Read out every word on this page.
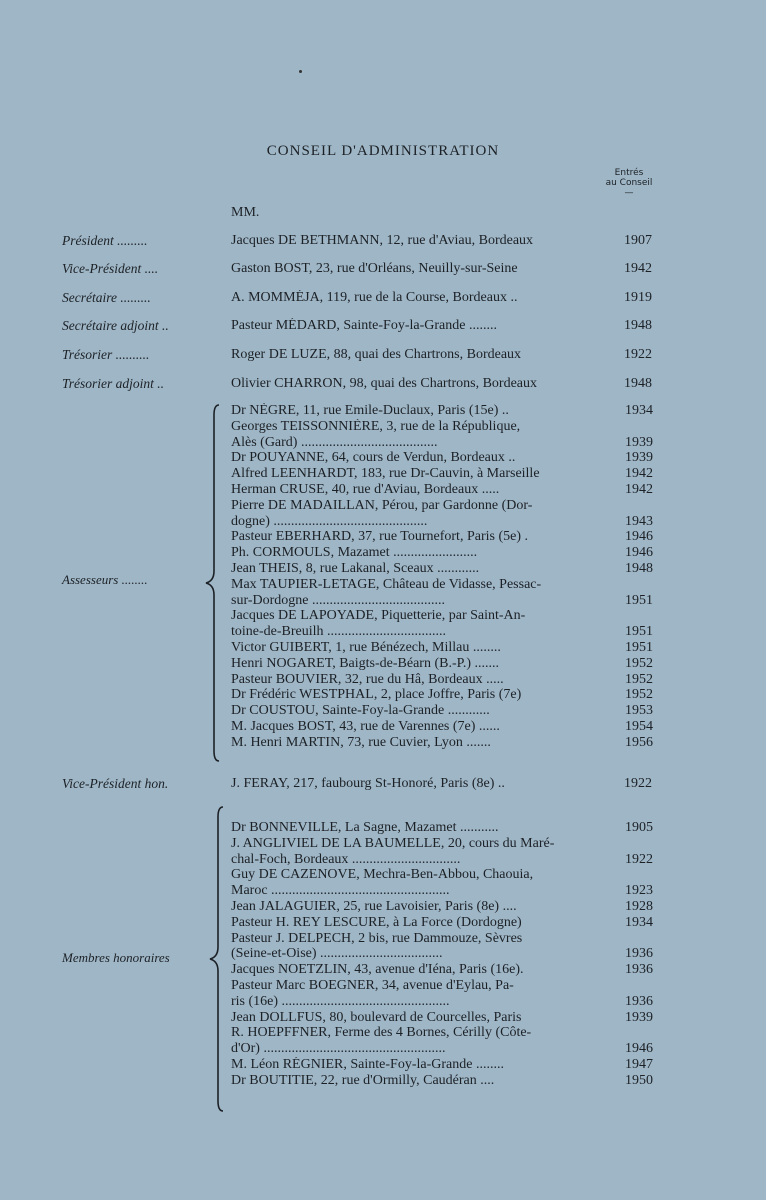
CONSEIL D'ADMINISTRATION
Entrés
au Conseil
—
MM.
Président .........	Jacques DE BETHMANN, 12, rue d'Aviau, Bordeaux	1907
Vice-Président ....	Gaston BOST, 23, rue d'Orléans, Neuilly-sur-Seine	1942
Secrétaire .........	A. MOMMÉJA, 119, rue de la Course, Bordeaux ..	1919
Secrétaire adjoint ..	Pasteur MÉDARD, Sainte-Foy-la-Grande ........	1948
Trésorier ..........	Roger DE LUZE, 88, quai des Chartrons, Bordeaux	1922
Trésorier adjoint ..	Olivier CHARRON, 98, quai des Chartrons, Bordeaux	1948
Assesseurs ........
Dr NÈGRE, 11, rue Emile-Duclaux, Paris (15e) ..	1934
Georges TEISSONNIÈRE, 3, rue de la République,
Alès (Gard) .......................................	1939
Dr POUYANNE, 64, cours de Verdun, Bordeaux ..	1939
Alfred LEENHARDT, 183, rue Dr-Cauvin, à Marseille	1942
Herman CRUSE, 40, rue d'Aviau, Bordeaux .....	1942
Pierre DE MADAILLAN, Pérou, par Gardonne (Dor-
dogne) ............................................	1943
Pasteur EBERHARD, 37, rue Tournefort, Paris (5e) .	1946
Ph. CORMOULS, Mazamet ........................	1946
Jean THEIS, 8, rue Lakanal, Sceaux ............	1948
Max TAUPIER-LETAGE, Château de Vidasse, Pessac-
sur-Dordogne ......................................	1951
Jacques DE LAPOYADE, Piquetterie, par Saint-An-
toine-de-Breuilh ..................................	1951
Victor GUIBERT, 1, rue Bénézech, Millau ........	1951
Henri NOGARET, Baigts-de-Béarn (B.-P.) .......	1952
Pasteur BOUVIER, 32, rue du Hâ, Bordeaux .....	1952
Dr Frédéric WESTPHAL, 2, place Joffre, Paris (7e)	1952
Dr COUSTOU, Sainte-Foy-la-Grande ............	1953
M. Jacques BOST, 43, rue de Varennes (7e) ......	1954
M. Henri MARTIN, 73, rue Cuvier, Lyon .......	1956
Vice-Président hon.	J. FERAY, 217, faubourg St-Honoré, Paris (8e) ..	1922
Membres honoraires
Dr BONNEVILLE, La Sagne, Mazamet ...........	1905
J. ANGLIVIEL DE LA BAUMELLE, 20, cours du Maré-
chal-Foch, Bordeaux ...............................	1922
Guy DE CAZENOVE, Mechra-Ben-Abbou, Chaouia,
Maroc ...................................................	1923
Jean JALAGUIER, 25, rue Lavoisier, Paris (8e) ....	1928
Pasteur H. REY LESCURE, à La Force (Dordogne)	1934
Pasteur J. DELPECH, 2 bis, rue Dammouze, Sèvres
(Seine-et-Oise) ...................................	1936
Jacques NOETZLIN, 43, avenue d'Iéna, Paris (16e).	1936
Pasteur Marc BOEGNER, 34, avenue d'Eylau, Pa-
ris (16e) ................................................	1936
Jean DOLLFUS, 80, boulevard de Courcelles, Paris	1939
R. HOEPFFNER, Ferme des 4 Bornes, Cérilly (Côte-
d'Or) ....................................................	1946
M. Léon RÉGNIER, Sainte-Foy-la-Grande ........	1947
Dr BOUTITIE, 22, rue d'Ormilly, Caudéran ....	1950
